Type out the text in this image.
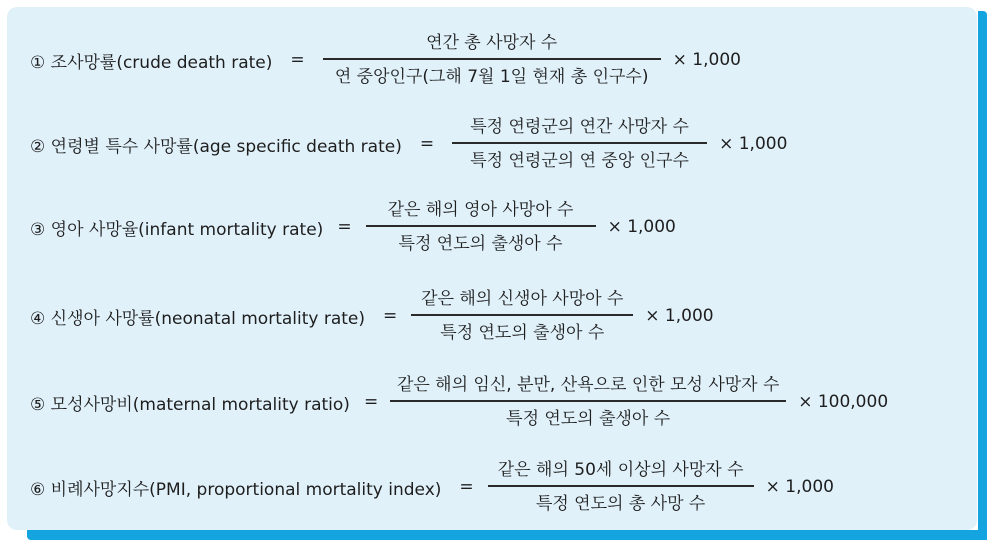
① 조사망률(crude death rate) = $\frac{\text{연간 총 사망자 수}}{\text{연 중앙인구(그해 7월 1일 현재 총 인구수)}} \times 1,000$
② 연령별 특수 사망률(age specific death rate) = $\frac{\text{특정 연령군의 연간 사망자 수}}{\text{특정 연령군의 연 중앙 인구수}} \times 1,000$
③ 영아 사망율(infant mortality rate) = $\frac{\text{같은 해의 영아 사망아 수}}{\text{특정 연도의 출생아 수}} \times 1,000$
④ 신생아 사망률(neonatal mortality rate) = $\frac{\text{같은 해의 신생아 사망아 수}}{\text{특정 연도의 출생아 수}} \times 1,000$
⑤ 모성사망비(maternal mortality ratio) = $\frac{\text{같은 해의 임신, 분만, 산욕으로 인한 모성 사망자 수}}{\text{특정 연도의 출생아 수}} \times 100,000$
⑥ 비례사망지수(PMI, proportional mortality index) = $\frac{\text{같은 해의 50세 이상의 사망자 수}}{\text{특정 연도의 총 사망 수}} \times 1,000$
